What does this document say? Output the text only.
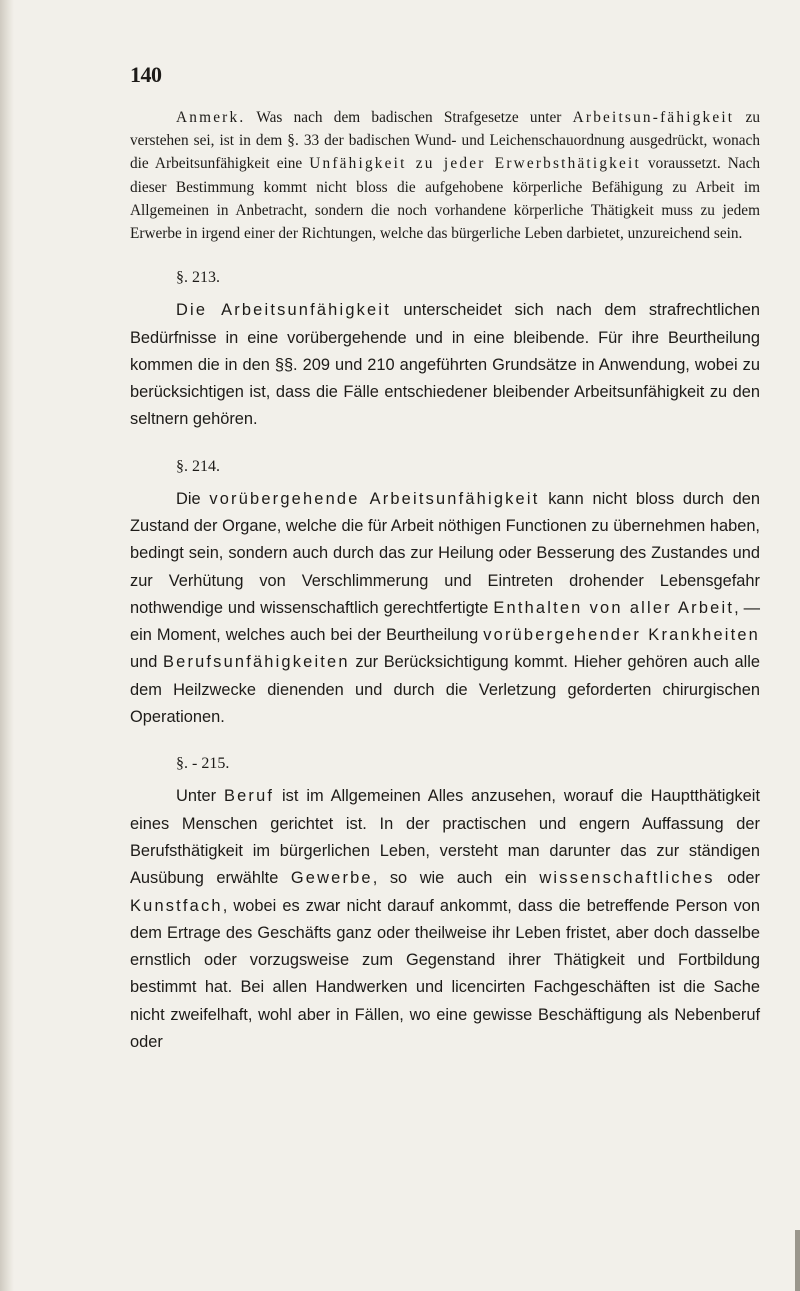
140

Anmerk. Was nach dem badischen Strafgesetze unter Arbeitsun-fähigkeit zu verstehen sei, ist in dem §. 33 der badischen Wund- und Leichenschauordnung ausgedrückt, wonach die Arbeitsunfähigkeit eine Unfähigkeit zu jeder Erwerbsthätigkeit voraussetzt. Nach dieser Bestimmung kommt nicht bloss die aufgehobene körperliche Befähigung zu Arbeit im Allgemeinen in Anbetracht, sondern die noch vorhandene körperliche Thätigkeit muss zu jedem Erwerbe in irgend einer der Richtungen, welche das bürgerliche Leben darbietet, unzureichend sein.

§. 213.

Die Arbeitsunfähigkeit unterscheidet sich nach dem strafrechtlichen Bedürfnisse in eine vorübergehende und in eine bleibende. Für ihre Beurtheilung kommen die in den §§. 209 und 210 angeführten Grundsätze in Anwendung, wobei zu berücksichtigen ist, dass die Fälle entschiedener bleibender Arbeitsunfähigkeit zu den seltnern gehören.

§. 214.

Die vorübergehende Arbeitsunfähigkeit kann nicht bloss durch den Zustand der Organe, welche die für Arbeit nöthigen Functionen zu übernehmen haben, bedingt sein, sondern auch durch das zur Heilung oder Besserung des Zustandes und zur Verhütung von Verschlimmerung und Eintreten drohender Lebensgefahr nothwendige und wissenschaftlich gerechtfertigte Enthalten von aller Arbeit, — ein Moment, welches auch bei der Beurtheilung vorübergehender Krankheiten und Berufsunfähigkeiten zur Berücksichtigung kommt. Hieher gehören auch alle dem Heilzwecke dienenden und durch die Verletzung geforderten chirurgischen Operationen.

§. - 215.

Unter Beruf ist im Allgemeinen Alles anzusehen, worauf die Hauptthätigkeit eines Menschen gerichtet ist. In der practischen und engern Auffassung der Berufsthätigkeit im bürgerlichen Leben, versteht man darunter das zur ständigen Ausübung erwählte Gewerbe, so wie auch ein wissenschaftliches oder Kunstfach, wobei es zwar nicht darauf ankommt, dass die betreffende Person von dem Ertrage des Geschäfts ganz oder theilweise ihr Leben fristet, aber doch dasselbe ernstlich oder vorzugsweise zum Gegenstand ihrer Thätigkeit und Fortbildung bestimmt hat. Bei allen Handwerken und licencirten Fachgeschäften ist die Sache nicht zweifelhaft, wohl aber in Fällen, wo eine gewisse Beschäftigung als Nebenberuf oder
